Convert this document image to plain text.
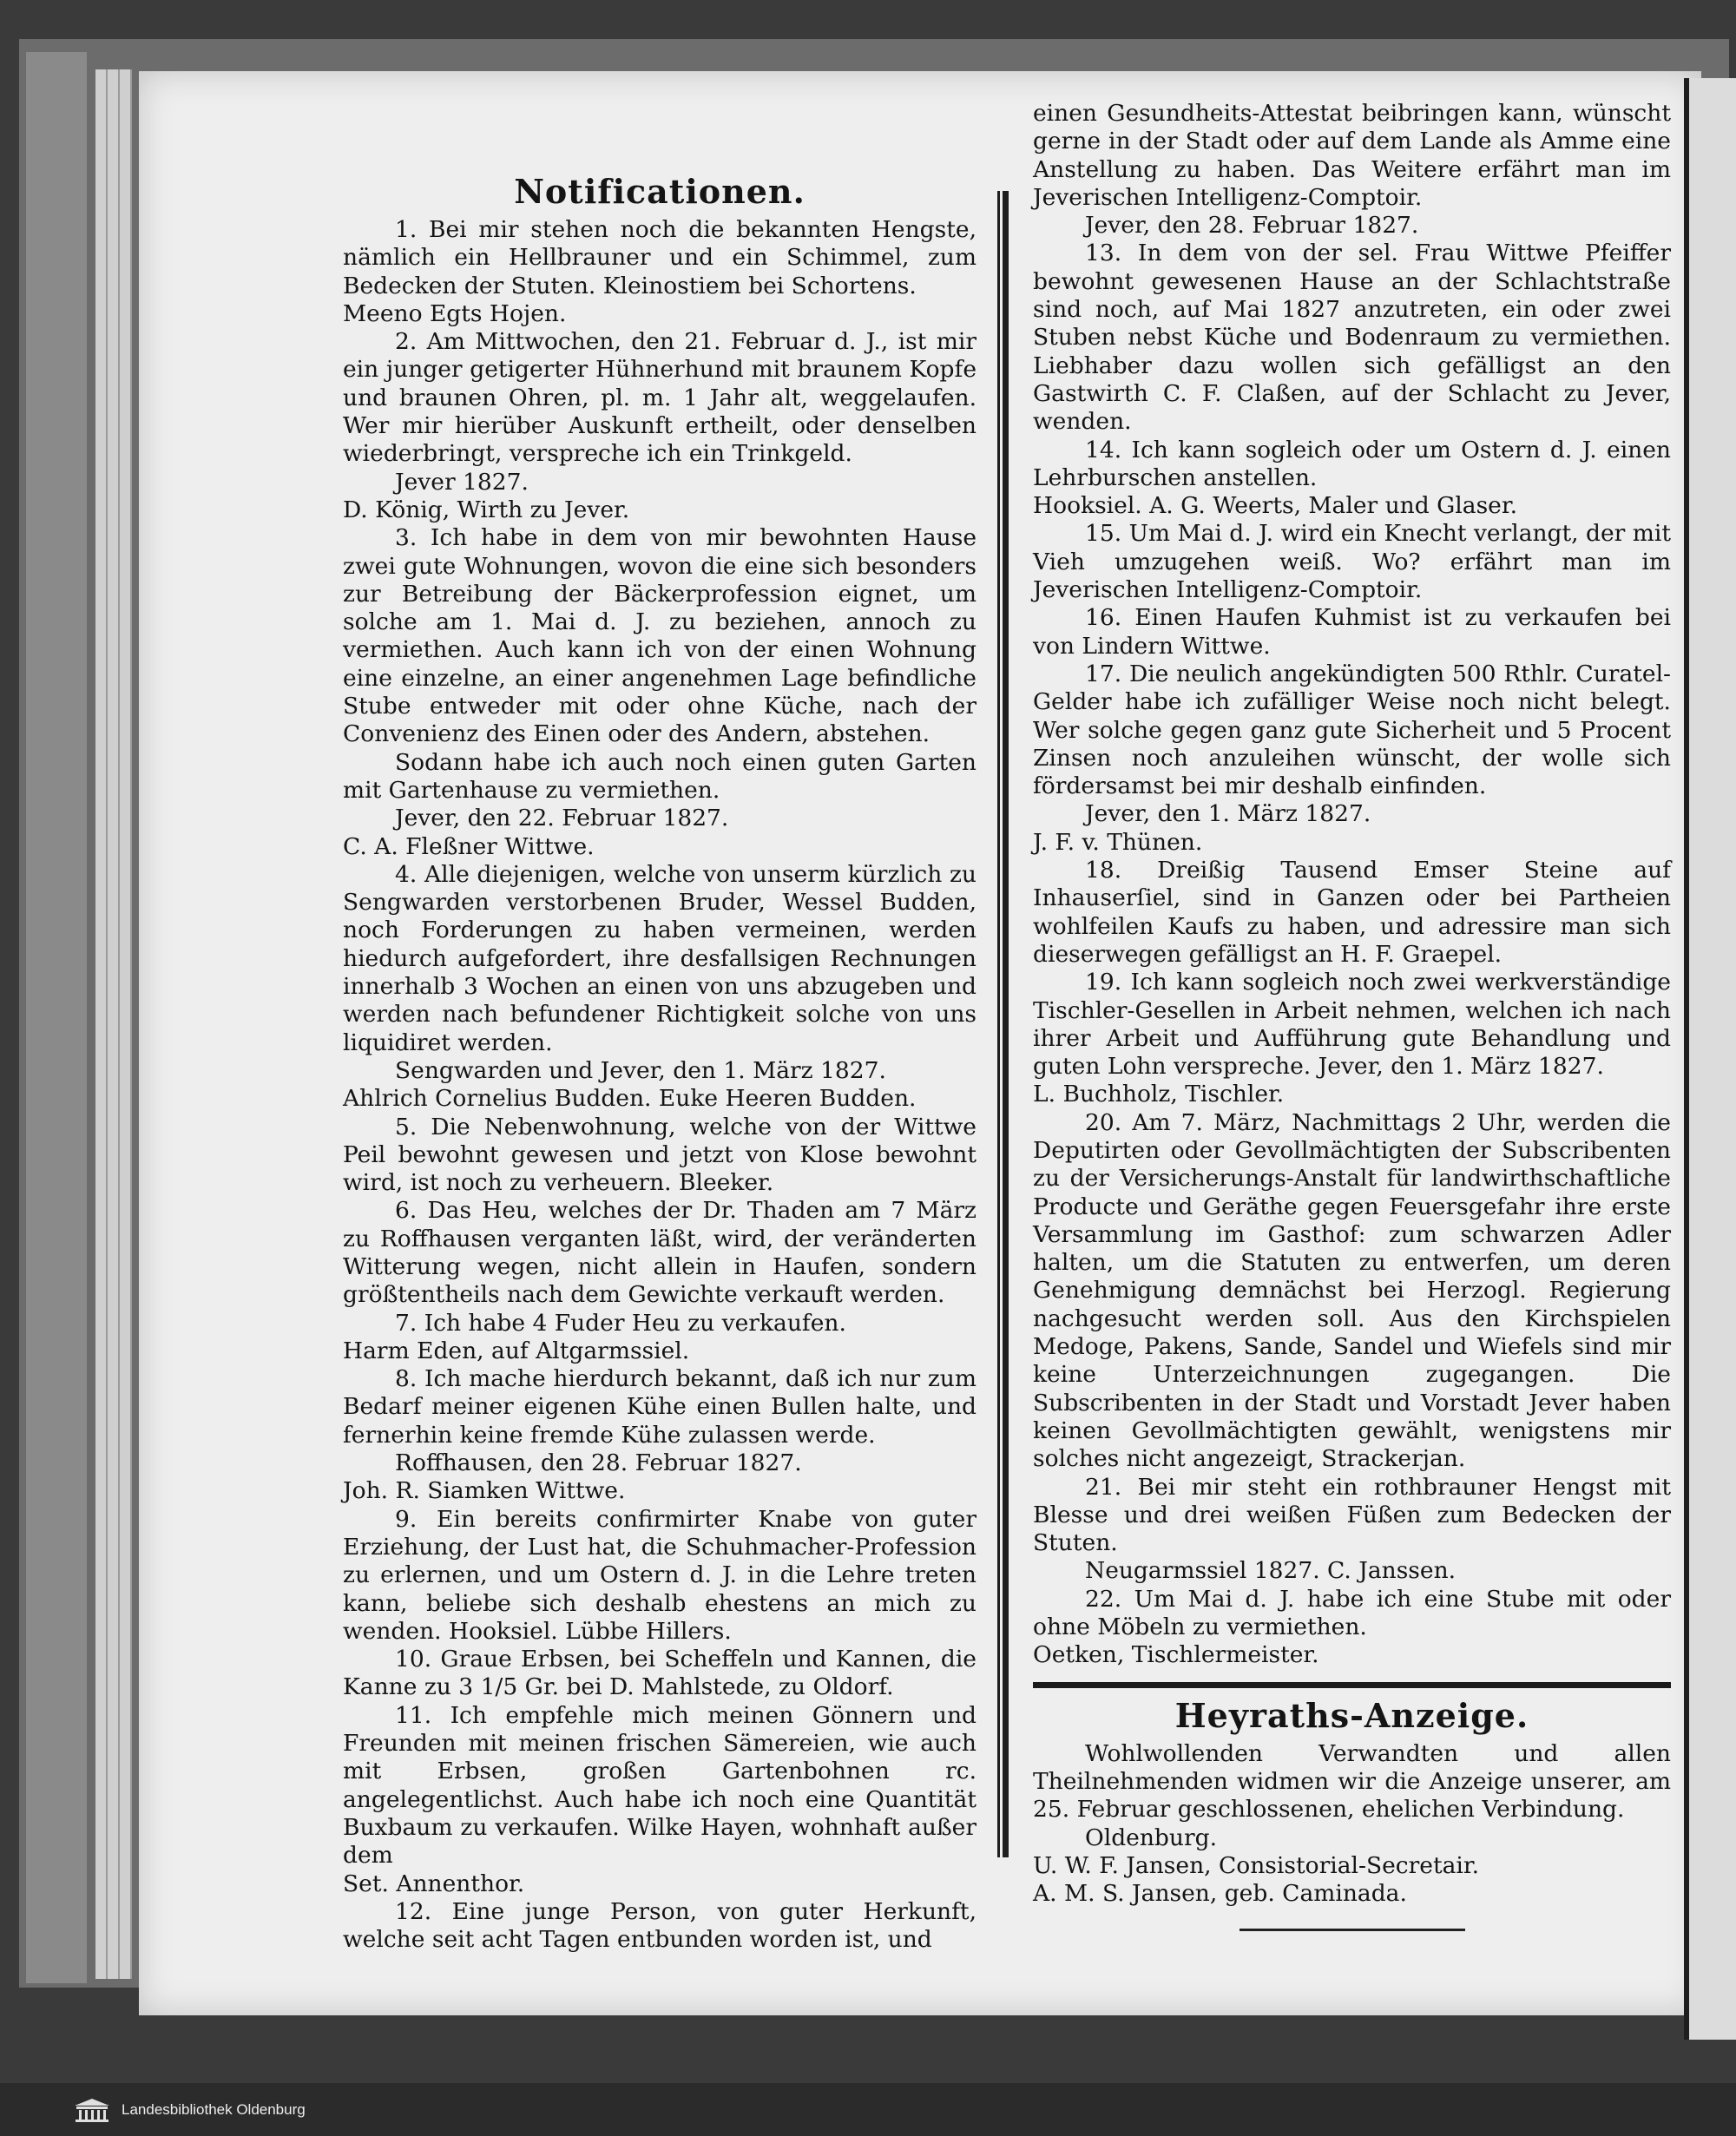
Notificationen.

1. Bei mir stehen noch die bekannten Hengste, nämlich ein Hellbrauner und ein Schimmel, zum Bedecken der Stuten. Kleinostiem bei Schortens.

Meeno Egts Hojen.

2. Am Mittwochen, den 21. Februar d. J., ist mir ein junger getigerter Hühnerhund mit braunem Kopfe und braunen Ohren, pl. m. 1 Jahr alt, weggelaufen. Wer mir hierüber Auskunft ertheilt, oder denselben wiederbringt, verspreche ich ein Trinkgeld.

Jever 1827.

D. König, Wirth zu Jever.

3. Ich habe in dem von mir bewohnten Hause zwei gute Wohnungen, wovon die eine sich besonders zur Betreibung der Bäckerprofession eignet, um solche am 1. Mai d. J. zu beziehen, annoch zu vermiethen. Auch kann ich von der einen Wohnung eine einzelne, an einer angenehmen Lage befindliche Stube entweder mit oder ohne Küche, nach der Convenienz des Einen oder des Andern, abstehen.

Sodann habe ich auch noch einen guten Garten mit Gartenhause zu vermiethen.

Jever, den 22. Februar 1827.

C. A. Fleßner Wittwe.

4. Alle diejenigen, welche von unserm kürzlich zu Sengwarden verstorbenen Bruder, Wessel Budden, noch Forderungen zu haben vermeinen, werden hiedurch aufgefordert, ihre desfallsigen Rechnungen innerhalb 3 Wochen an einen von uns abzugeben und werden nach befundener Richtigkeit solche von uns liquidiret werden.

Sengwarden und Jever, den 1. März 1827.

Ahlrich Cornelius Budden. Euke Heeren Budden.

5. Die Nebenwohnung, welche von der Wittwe Peil bewohnt gewesen und jetzt von Klose bewohnt wird, ist noch zu verheuern. Bleeker.

6. Das Heu, welches der Dr. Thaden am 7 März zu Roffhausen verganten läßt, wird, der veränderten Witterung wegen, nicht allein in Haufen, sondern größtentheils nach dem Gewichte verkauft werden.

7. Ich habe 4 Fuder Heu zu verkaufen.

Harm Eden, auf Altgarmssiel.

8. Ich mache hierdurch bekannt, daß ich nur zum Bedarf meiner eigenen Kühe einen Bullen halte, und fernerhin keine fremde Kühe zulassen werde.

Roffhausen, den 28. Februar 1827.

Joh. R. Siamken Wittwe.

9. Ein bereits confirmirter Knabe von guter Erziehung, der Lust hat, die Schuhmacher-Profession zu erlernen, und um Ostern d. J. in die Lehre treten kann, beliebe sich deshalb ehestens an mich zu wenden. Hooksiel. Lübbe Hillers.

10. Graue Erbsen, bei Scheffeln und Kannen, die Kanne zu 3 1/5 Gr. bei D. Mahlstede, zu Oldorf.

11. Ich empfehle mich meinen Gönnern und Freunden mit meinen frischen Sämereien, wie auch mit Erbsen, großen Gartenbohnen rc. angelegentlichst. Auch habe ich noch eine Quantität Buxbaum zu verkaufen. Wilke Hayen, wohnhaft außer dem

Set. Annenthor.

12. Eine junge Person, von guter Herkunft, welche seit acht Tagen entbunden worden ist, und

einen Gesundheits-Attestat beibringen kann, wünscht gerne in der Stadt oder auf dem Lande als Amme eine Anstellung zu haben. Das Weitere erfährt man im Jeverischen Intelligenz-Comptoir.

Jever, den 28. Februar 1827.

13. In dem von der sel. Frau Wittwe Pfeiffer bewohnt gewesenen Hause an der Schlachtstraße sind noch, auf Mai 1827 anzutreten, ein oder zwei Stuben nebst Küche und Bodenraum zu vermiethen. Liebhaber dazu wollen sich gefälligst an den Gastwirth C. F. Claßen, auf der Schlacht zu Jever, wenden.

14. Ich kann sogleich oder um Ostern d. J. einen Lehrburschen anstellen.

Hooksiel. A. G. Weerts, Maler und Glaser.

15. Um Mai d. J. wird ein Knecht verlangt, der mit Vieh umzugehen weiß. Wo? erfährt man im Jeverischen Intelligenz-Comptoir.

16. Einen Haufen Kuhmist ist zu verkaufen bei von Lindern Wittwe.

17. Die neulich angekündigten 500 Rthlr. Curatel-Gelder habe ich zufälliger Weise noch nicht belegt. Wer solche gegen ganz gute Sicherheit und 5 Procent Zinsen noch anzuleihen wünscht, der wolle sich fördersamst bei mir deshalb einfinden.

Jever, den 1. März 1827.

J. F. v. Thünen.

18. Dreißig Tausend Emser Steine auf Inhauserſiel, sind in Ganzen oder bei Partheien wohlfeilen Kaufs zu haben, und adressire man sich dieserwegen gefälligst an H. F. Graepel.

19. Ich kann sogleich noch zwei werkverständige Tischler-Gesellen in Arbeit nehmen, welchen ich nach ihrer Arbeit und Aufführung gute Behandlung und guten Lohn verspreche. Jever, den 1. März 1827.

L. Buchholz, Tischler.

20. Am 7. März, Nachmittags 2 Uhr, werden die Deputirten oder Gevollmächtigten der Subscribenten zu der Versicherungs-Anstalt für landwirthschaftliche Producte und Geräthe gegen Feuersgefahr ihre erste Versammlung im Gasthof: zum schwarzen Adler halten, um die Statuten zu entwerfen, um deren Genehmigung demnächst bei Herzogl. Regierung nachgesucht werden soll. Aus den Kirchspielen Medoge, Pakens, Sande, Sandel und Wiefels sind mir keine Unterzeichnungen zugegangen. Die Subscribenten in der Stadt und Vorstadt Jever haben keinen Gevollmächtigten gewählt, wenigstens mir solches nicht angezeigt, Strackerjan.

21. Bei mir steht ein rothbrauner Hengst mit Blesse und drei weißen Füßen zum Bedecken der Stuten.

Neugarmssiel 1827. C. Janssen.

22. Um Mai d. J. habe ich eine Stube mit oder ohne Möbeln zu vermiethen.

Oetken, Tischlermeister.

Heyraths-Anzeige.

Wohlwollenden Verwandten und allen Theilnehmenden widmen wir die Anzeige unserer, am 25. Februar geschlossenen, ehelichen Verbindung.

Oldenburg.

U. W. F. Jansen, Consistorial-Secretair.

A. M. S. Jansen, geb. Caminada.

Landesbibliothek Oldenburg
